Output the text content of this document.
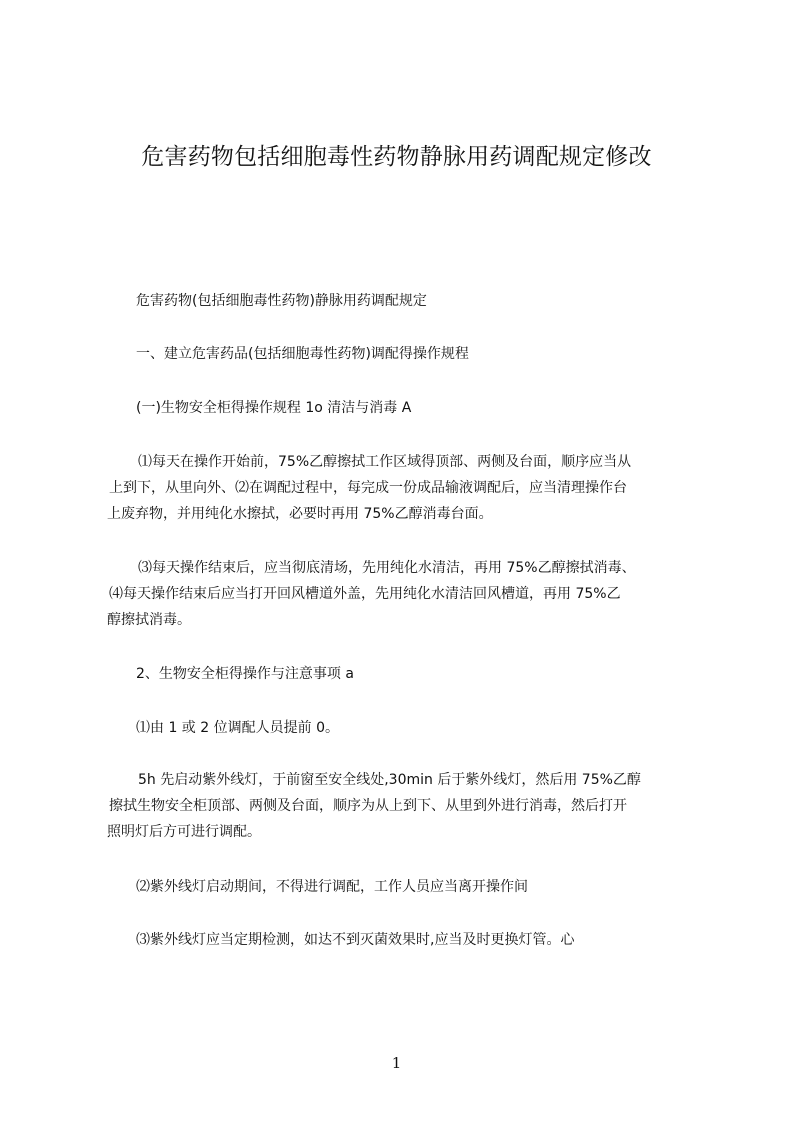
危害药物包括细胞毒性药物静脉用药调配规定修改
危害药物(包括细胞毒性药物)静脉用药调配规定
一、建立危害药品(包括细胞毒性药物)调配得操作规程
(一)生物安全柜得操作规程 1o 清洁与消毒 A
⑴每天在操作开始前，75%乙醇擦拭工作区域得顶部、两侧及台面，顺序应当从
上到下，从里向外、⑵在调配过程中，每完成一份成品输液调配后，应当清理操作台
上废弃物，并用纯化水擦拭，必要时再用 75%乙醇消毒台面。
⑶每天操作结束后，应当彻底清场，先用纯化水清洁，再用 75%乙醇擦拭消毒、
⑷每天操作结束后应当打开回风槽道外盖，先用纯化水清洁回风槽道，再用 75%乙
醇擦拭消毒。
2、生物安全柜得操作与注意事项 a
⑴由 1 或 2 位调配人员提前 0。
5h 先启动紫外线灯，于前窗至安全线处,30min 后于紫外线灯，然后用 75%乙醇
擦拭生物安全柜顶部、两侧及台面，顺序为从上到下、从里到外进行消毒，然后打开
照明灯后方可进行调配。
⑵紫外线灯启动期间，不得进行调配，工作人员应当离开操作间
⑶紫外线灯应当定期检测，如达不到灭菌效果时,应当及时更换灯管。心
1
